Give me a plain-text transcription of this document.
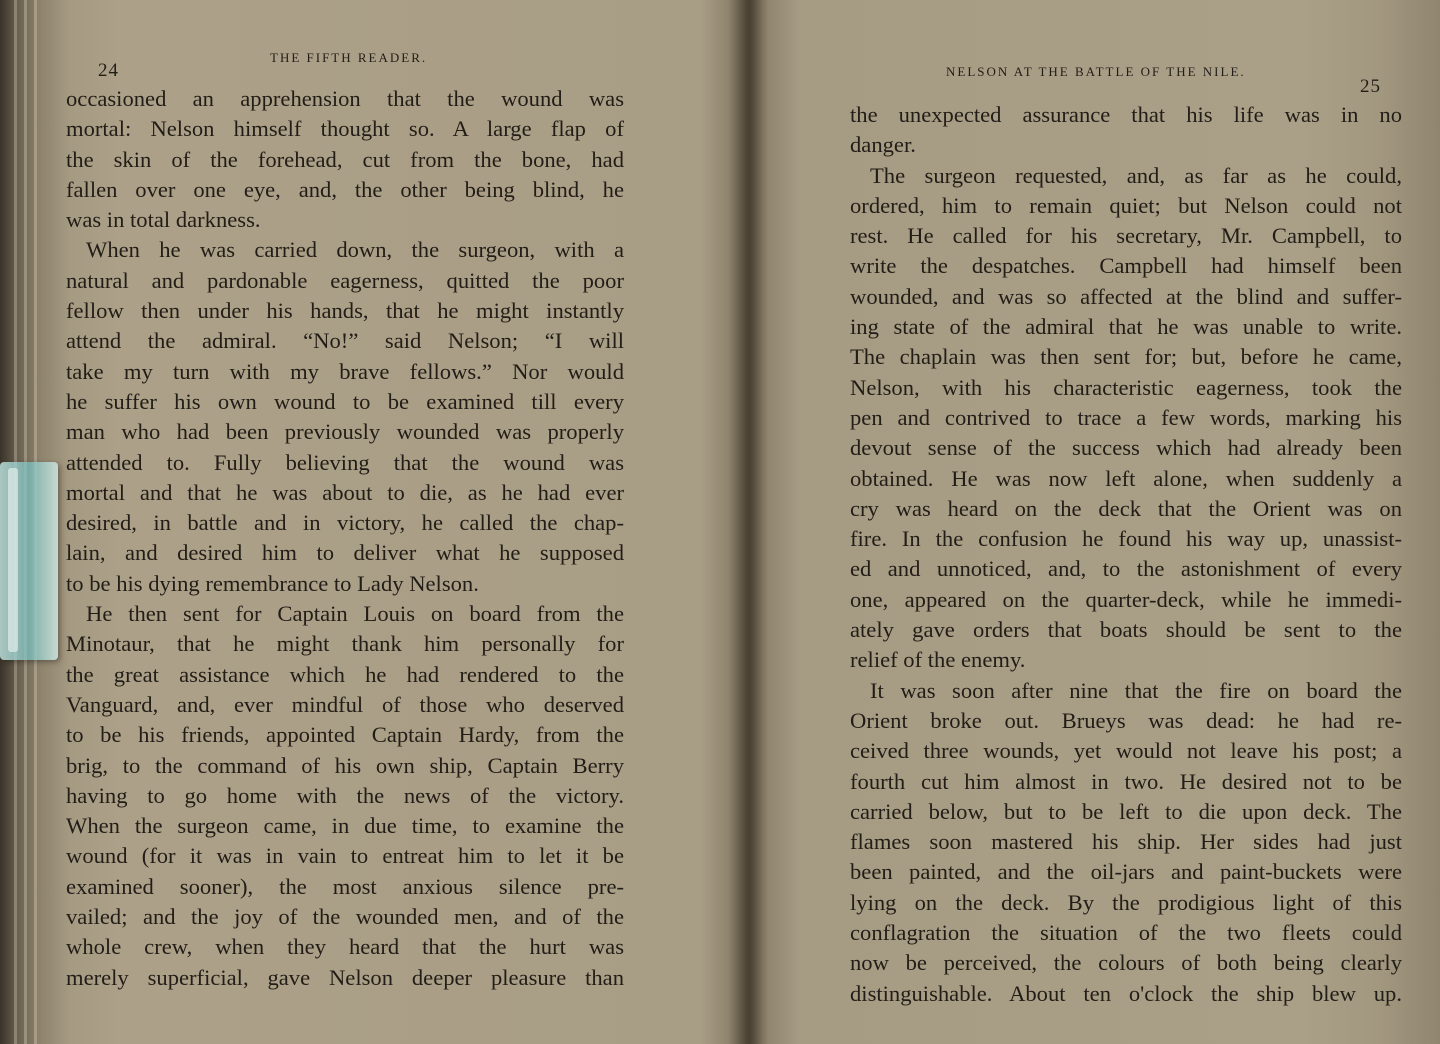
24
THE FIFTH READER.
occasioned an apprehension that the wound was
mortal: Nelson himself thought so. A large flap of
the skin of the forehead, cut from the bone, had
fallen over one eye, and, the other being blind, he
was in total darkness.
When he was carried down, the surgeon, with a
natural and pardonable eagerness, quitted the poor
fellow then under his hands, that he might instantly
attend the admiral. “No!” said Nelson; “I will
take my turn with my brave fellows.” Nor would
he suffer his own wound to be examined till every
man who had been previously wounded was properly
attended to. Fully believing that the wound was
mortal and that he was about to die, as he had ever
desired, in battle and in victory, he called the chap-
lain, and desired him to deliver what he supposed
to be his dying remembrance to Lady Nelson.
He then sent for Captain Louis on board from the
Minotaur, that he might thank him personally for
the great assistance which he had rendered to the
Vanguard, and, ever mindful of those who deserved
to be his friends, appointed Captain Hardy, from the
brig, to the command of his own ship, Captain Berry
having to go home with the news of the victory.
When the surgeon came, in due time, to examine the
wound (for it was in vain to entreat him to let it be
examined sooner), the most anxious silence pre-
vailed; and the joy of the wounded men, and of the
whole crew, when they heard that the hurt was
merely superficial, gave Nelson deeper pleasure than
NELSON AT THE BATTLE OF THE NILE.
25
the unexpected assurance that his life was in no
danger.
The surgeon requested, and, as far as he could,
ordered, him to remain quiet; but Nelson could not
rest. He called for his secretary, Mr. Campbell, to
write the despatches. Campbell had himself been
wounded, and was so affected at the blind and suffer-
ing state of the admiral that he was unable to write.
The chaplain was then sent for; but, before he came,
Nelson, with his characteristic eagerness, took the
pen and contrived to trace a few words, marking his
devout sense of the success which had already been
obtained. He was now left alone, when suddenly a
cry was heard on the deck that the Orient was on
fire. In the confusion he found his way up, unassist-
ed and unnoticed, and, to the astonishment of every
one, appeared on the quarter-deck, while he immedi-
ately gave orders that boats should be sent to the
relief of the enemy.
It was soon after nine that the fire on board the
Orient broke out. Brueys was dead: he had re-
ceived three wounds, yet would not leave his post; a
fourth cut him almost in two. He desired not to be
carried below, but to be left to die upon deck. The
flames soon mastered his ship. Her sides had just
been painted, and the oil-jars and paint-buckets were
lying on the deck. By the prodigious light of this
conflagration the situation of the two fleets could
now be perceived, the colours of both being clearly
distinguishable. About ten o'clock the ship blew up.
